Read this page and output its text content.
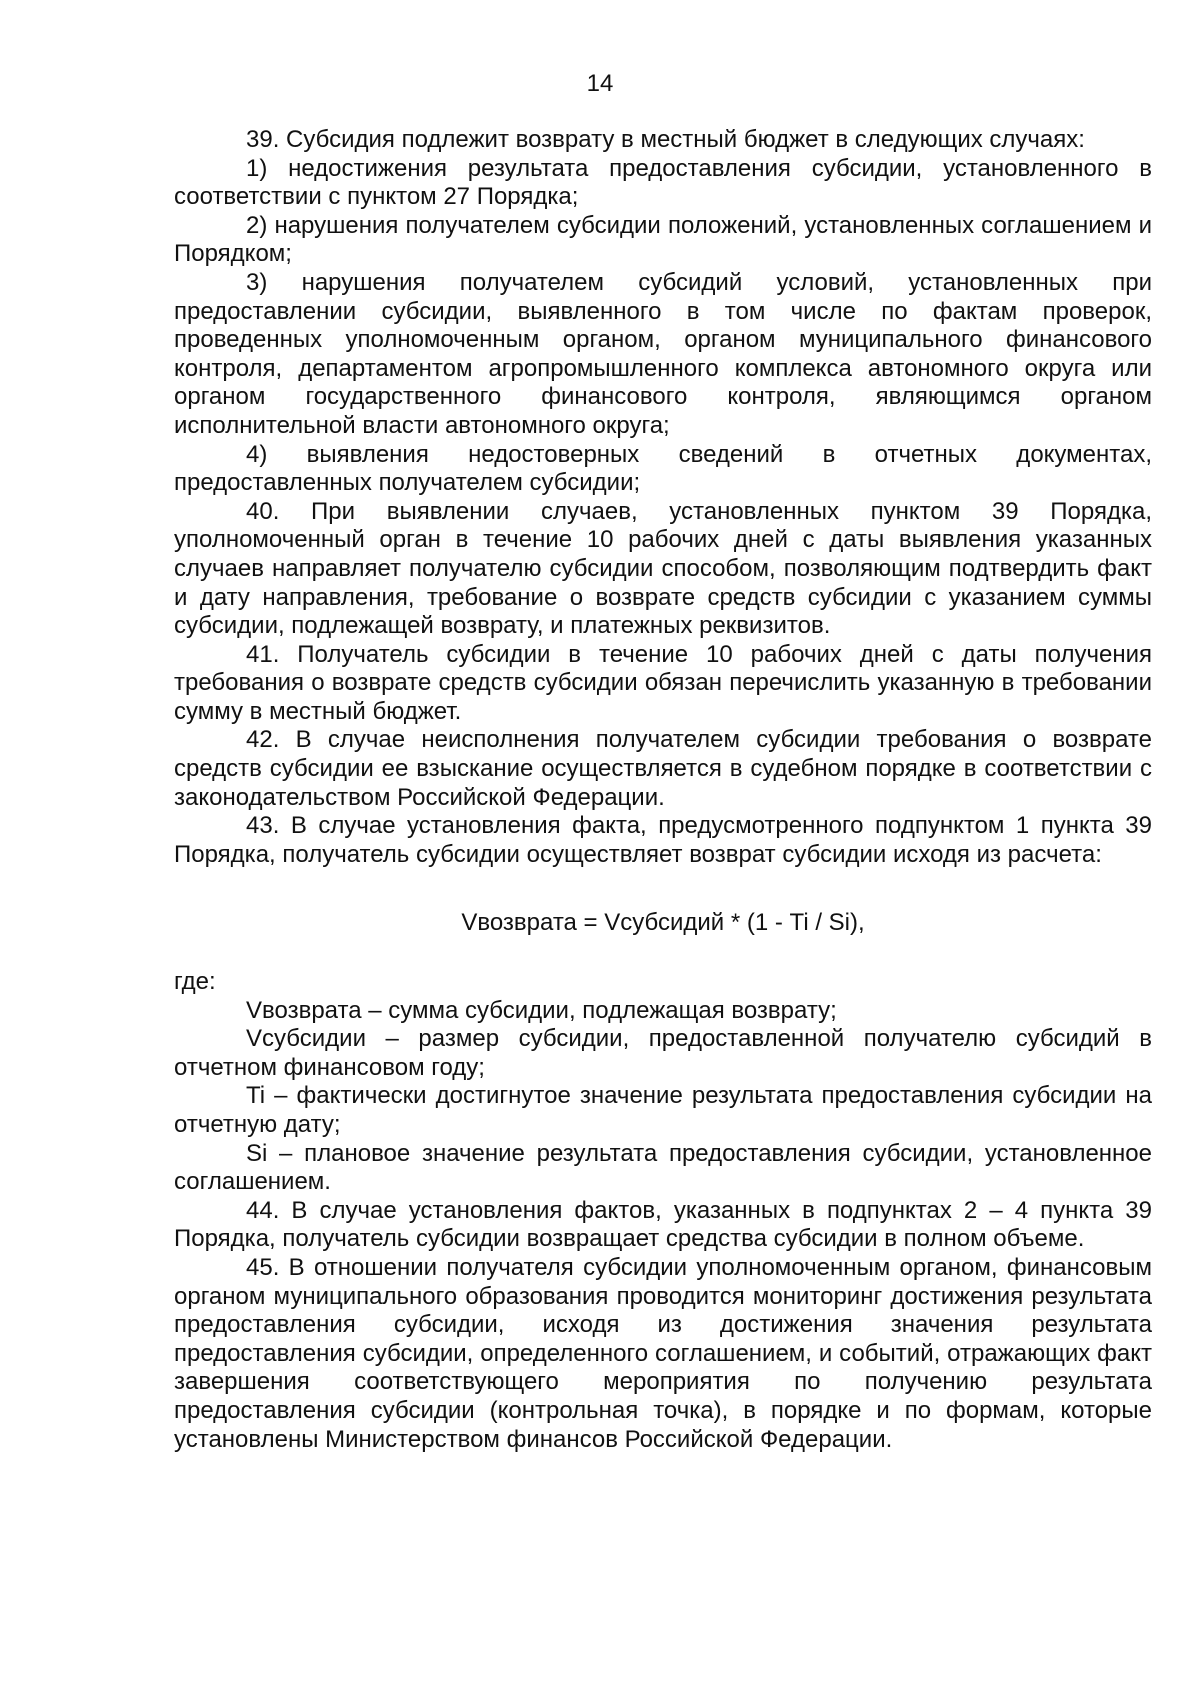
14

39. Субсидия подлежит возврату в местный бюджет в следующих случаях:

1) недостижения результата предоставления субсидии, установленного в соответствии с пунктом 27 Порядка;

2) нарушения получателем субсидии положений, установленных соглашением и Порядком;

3) нарушения получателем субсидий условий, установленных при предоставлении субсидии, выявленного в том числе по фактам проверок, проведенных уполномоченным органом, органом муниципального финансового контроля, департаментом агропромышленного комплекса автономного округа или органом государственного финансового контроля, являющимся органом исполнительной власти автономного округа;

4) выявления недостоверных сведений в отчетных документах, предоставленных получателем субсидии;

40. При выявлении случаев, установленных пунктом 39 Порядка, уполномоченный орган в течение 10 рабочих дней с даты выявления указанных случаев направляет получателю субсидии способом, позволяющим подтвердить факт и дату направления, требование о возврате средств субсидии с указанием суммы субсидии, подлежащей возврату, и платежных реквизитов.

41. Получатель субсидии в течение 10 рабочих дней с даты получения требования о возврате средств субсидии обязан перечислить указанную в требовании сумму в местный бюджет.

42. В случае неисполнения получателем субсидии требования о возврате средств субсидии ее взыскание осуществляется в судебном порядке в соответствии с законодательством Российской Федерации.

43. В случае установления факта, предусмотренного подпунктом 1 пункта 39 Порядка, получатель субсидии осуществляет возврат субсидии исходя из расчета:

Vвозврата = Vсубсидий * (1 - Ti / Si),

где:

Vвозврата – сумма субсидии, подлежащая возврату;

Vсубсидии – размер субсидии, предоставленной получателю субсидий в отчетном финансовом году;

Ti – фактически достигнутое значение результата предоставления субсидии на отчетную дату;

Si – плановое значение результата предоставления субсидии, установленное соглашением.

44. В случае установления фактов, указанных в подпунктах 2 – 4 пункта 39 Порядка, получатель субсидии возвращает средства субсидии в полном объеме.

45. В отношении получателя субсидии уполномоченным органом, финансовым органом муниципального образования проводится мониторинг достижения результата предоставления субсидии, исходя из достижения значения результата предоставления субсидии, определенного соглашением, и событий, отражающих факт завершения соответствующего мероприятия по получению результата предоставления субсидии (контрольная точка), в порядке и по формам, которые установлены Министерством финансов Российской Федерации.
